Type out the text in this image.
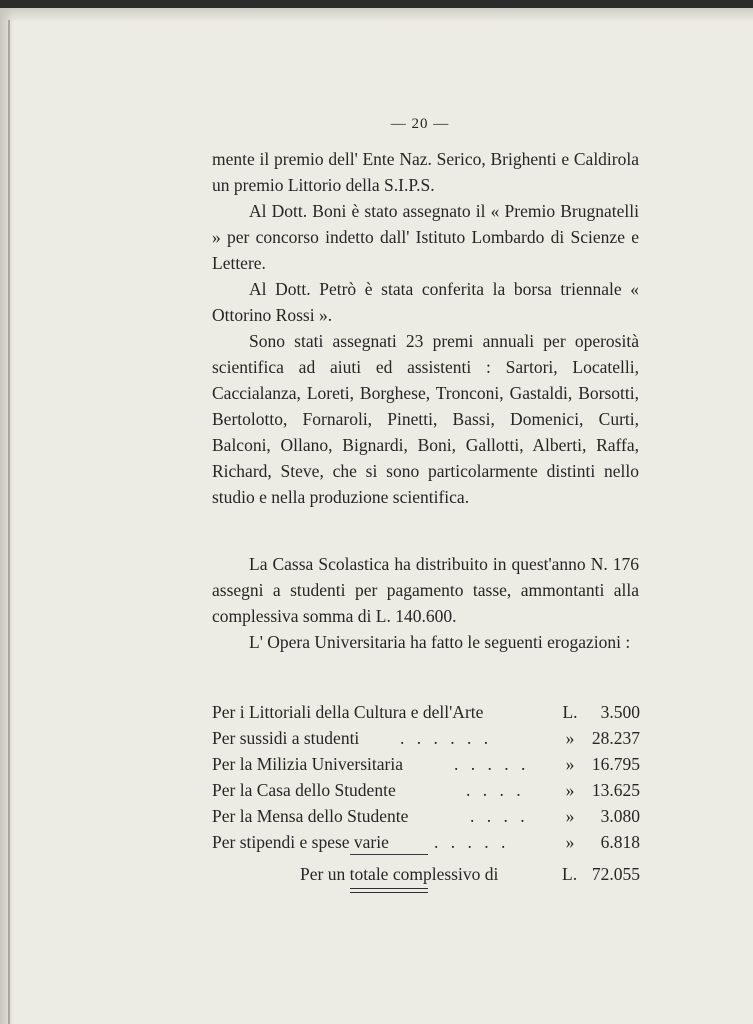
— 20 —

mente il premio dell' Ente Naz. Serico, Brighenti e Caldirola un premio Littorio della S.I.P.S.

Al Dott. Boni è stato assegnato il « Premio Brugnatelli » per concorso indetto dall' Istituto Lombardo di Scienze e Lettere.

Al Dott. Petrò è stata conferita la borsa triennale « Ottorino Rossi ».

Sono stati assegnati 23 premi annuali per operosità scientifica ad aiuti ed assistenti : Sartori, Locatelli, Caccialanza, Loreti, Borghese, Tronconi, Gastaldi, Borsotti, Bertolotto, Fornaroli, Pinetti, Bassi, Domenici, Curti, Balconi, Ollano, Bignardi, Boni, Gallotti, Alberti, Raffa, Richard, Steve, che si sono particolarmente distinti nello studio e nella produzione scientifica.

La Cassa Scolastica ha distribuito in quest'anno N. 176 assegni a studenti per pagamento tasse, ammontanti alla complessiva somma di L. 140.600.

L' Opera Universitaria ha fatto le seguenti erogazioni :

Per i Littoriali della Cultura e dell'Arte	L. 3.500
Per sussidi a studenti . . . . . .	»	28.237
Per la Milizia Universitaria	. . . . .	»	16.795
Per la Casa dello Studente	. . . .	»	13.625
Per la Mensa dello Studente	. . . .	»	3.080
Per stipendi e spese varie	. . . . .	»	6.818
Per un totale complessivo di	L. 72.055
